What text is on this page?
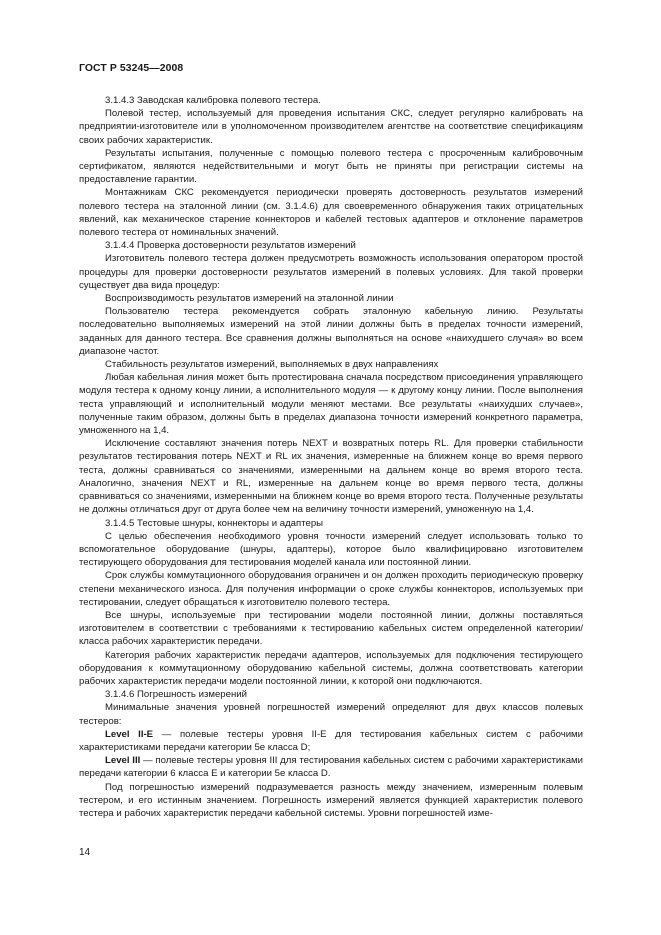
ГОСТ Р 53245—2008

3.1.4.3 Заводская калибровка полевого тестера.

Полевой тестер, используемый для проведения испытания СКС, следует регулярно калибровать на предприятии-изготовителе или в уполномоченном производителем агентстве на соответствие спецификациям своих рабочих характеристик.

Результаты испытания, полученные с помощью полевого тестера с просроченным калибровочным сертификатом, являются недействительными и могут быть не приняты при регистрации системы на предоставление гарантии.

Монтажникам СКС рекомендуется периодически проверять достоверность результатов измерений полевого тестера на эталонной линии (см. 3.1.4.6) для своевременного обнаружения таких отрицательных явлений, как механическое старение коннекторов и кабелей тестовых адаптеров и отклонение параметров полевого тестера от номинальных значений.

3.1.4.4 Проверка достоверности результатов измерений

Изготовитель полевого тестера должен предусмотреть возможность использования оператором простой процедуры для проверки достоверности результатов измерений в полевых условиях. Для такой проверки существует два вида процедур:

Воспроизводимость результатов измерений на эталонной линии

Пользователю тестера рекомендуется собрать эталонную кабельную линию. Результаты последовательно выполняемых измерений на этой линии должны быть в пределах точности измерений, заданных для данного тестера. Все сравнения должны выполняться на основе «наихудшего случая» во всем диапазоне частот.

Стабильность результатов измерений, выполняемых в двух направлениях

Любая кабельная линия может быть протестирована сначала посредством присоединения управляющего модуля тестера к одному концу линии, а исполнительного модуля — к другому концу линии. После выполнения теста управляющий и исполнительный модули меняют местами. Все результаты «наихудших случаев», полученные таким образом, должны быть в пределах диапазона точности измерений конкретного параметра, умноженного на 1,4.

Исключение составляют значения потерь NEXT и возвратных потерь RL. Для проверки стабильности результатов тестирования потерь NEXT и RL их значения, измеренные на ближнем конце во время первого теста, должны сравниваться со значениями, измеренными на дальнем конце во время второго теста. Аналогично, значения NEXT и RL, измеренные на дальнем конце во время первого теста, должны сравниваться со значениями, измеренными на ближнем конце во время второго теста. Полученные результаты не должны отличаться друг от друга более чем на величину точности измерений, умноженную на 1,4.

3.1.4.5 Тестовые шнуры, коннекторы и адаптеры

С целью обеспечения необходимого уровня точности измерений следует использовать только то вспомогательное оборудование (шнуры, адаптеры), которое было квалифицировано изготовителем тестирующего оборудования для тестирования моделей канала или постоянной линии.

Срок службы коммутационного оборудования ограничен и он должен проходить периодическую проверку степени механического износа. Для получения информации о сроке службы коннекторов, используемых при тестировании, следует обращаться к изготовителю полевого тестера.

Все шнуры, используемые при тестировании модели постоянной линии, должны поставляться изготовителем в соответствии с требованиями к тестированию кабельных систем определенной категории/класса рабочих характеристик передачи.

Категория рабочих характеристик передачи адаптеров, используемых для подключения тестирующего оборудования к коммутационному оборудованию кабельной системы, должна соответствовать категории рабочих характеристик передачи модели постоянной линии, к которой они подключаются.

3.1.4.6 Погрешность измерений

Минимальные значения уровней погрешностей измерений определяют для двух классов полевых тестеров:

Level II-E — полевые тестеры уровня II-E для тестирования кабельных систем с рабочими характеристиками передачи категории 5е класса D;

Level III — полевые тестеры уровня III для тестирования кабельных систем с рабочими характеристиками передачи категории 6 класса Е и категории 5е класса D.

Под погрешностью измерений подразумевается разность между значением, измеренным полевым тестером, и его истинным значением. Погрешность измерений является функцией характеристик полевого тестера и рабочих характеристик передачи кабельной системы. Уровни погрешностей изме-

14
